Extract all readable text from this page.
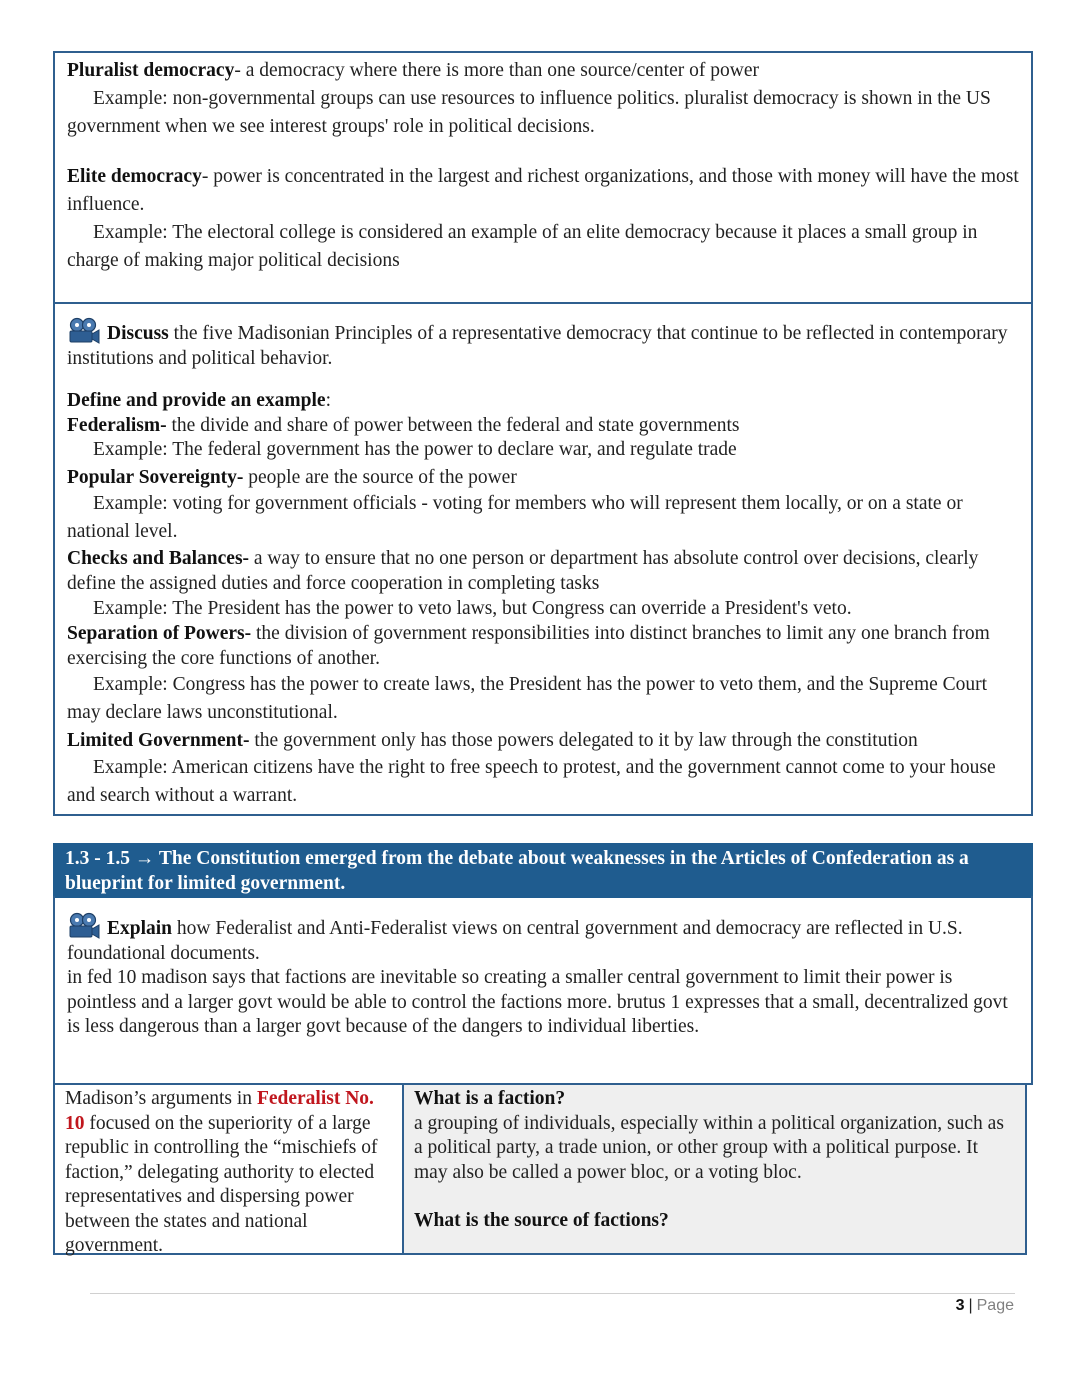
Pluralist democracy- a democracy where there is more than one source/center of power

Example: non-governmental groups can use resources to influence politics. pluralist democracy is shown in the US government when we see interest groups' role in political decisions.

Elite democracy- power is concentrated in the largest and richest organizations, and those with money will have the most influence.

Example: The electoral college is considered an example of an elite democracy because it places a small group in charge of making major political decisions

Discuss the five Madisonian Principles of a representative democracy that continue to be reflected in contemporary institutions and political behavior.

Define and provide an example:

Federalism- the divide and share of power between the federal and state governments

Example: The federal government has the power to declare war, and regulate trade

Popular Sovereignty- people are the source of the power

Example: voting for government officials - voting for members who will represent them locally, or on a state or national level.

Checks and Balances- a way to ensure that no one person or department has absolute control over decisions, clearly define the assigned duties and force cooperation in completing tasks

Example: The President has the power to veto laws, but Congress can override a President's veto.

Separation of Powers- the division of government responsibilities into distinct branches to limit any one branch from exercising the core functions of another.

Example: Congress has the power to create laws, the President has the power to veto them, and the Supreme Court may declare laws unconstitutional.

Limited Government- the government only has those powers delegated to it by law through the constitution

Example: American citizens have the right to free speech to protest, and the government cannot come to your house and search without a warrant.

1.3 - 1.5 → The Constitution emerged from the debate about weaknesses in the Articles of Confederation as a blueprint for limited government.

Explain how Federalist and Anti-Federalist views on central government and democracy are reflected in U.S. foundational documents.

in fed 10 madison says that factions are inevitable so creating a smaller central government to limit their power is pointless and a larger govt would be able to control the factions more. brutus 1 expresses that a small, decentralized govt is less dangerous than a larger govt because of the dangers to individual liberties.

Madison’s arguments in Federalist No. 10 focused on the superiority of a large republic in controlling the “mischiefs of faction,” delegating authority to elected representatives and dispersing power between the states and national government.

What is a faction?

a grouping of individuals, especially within a political organization, such as a political party, a trade union, or other group with a political purpose. It may also be called a power bloc, or a voting bloc.

What is the source of factions?

3 | Page
